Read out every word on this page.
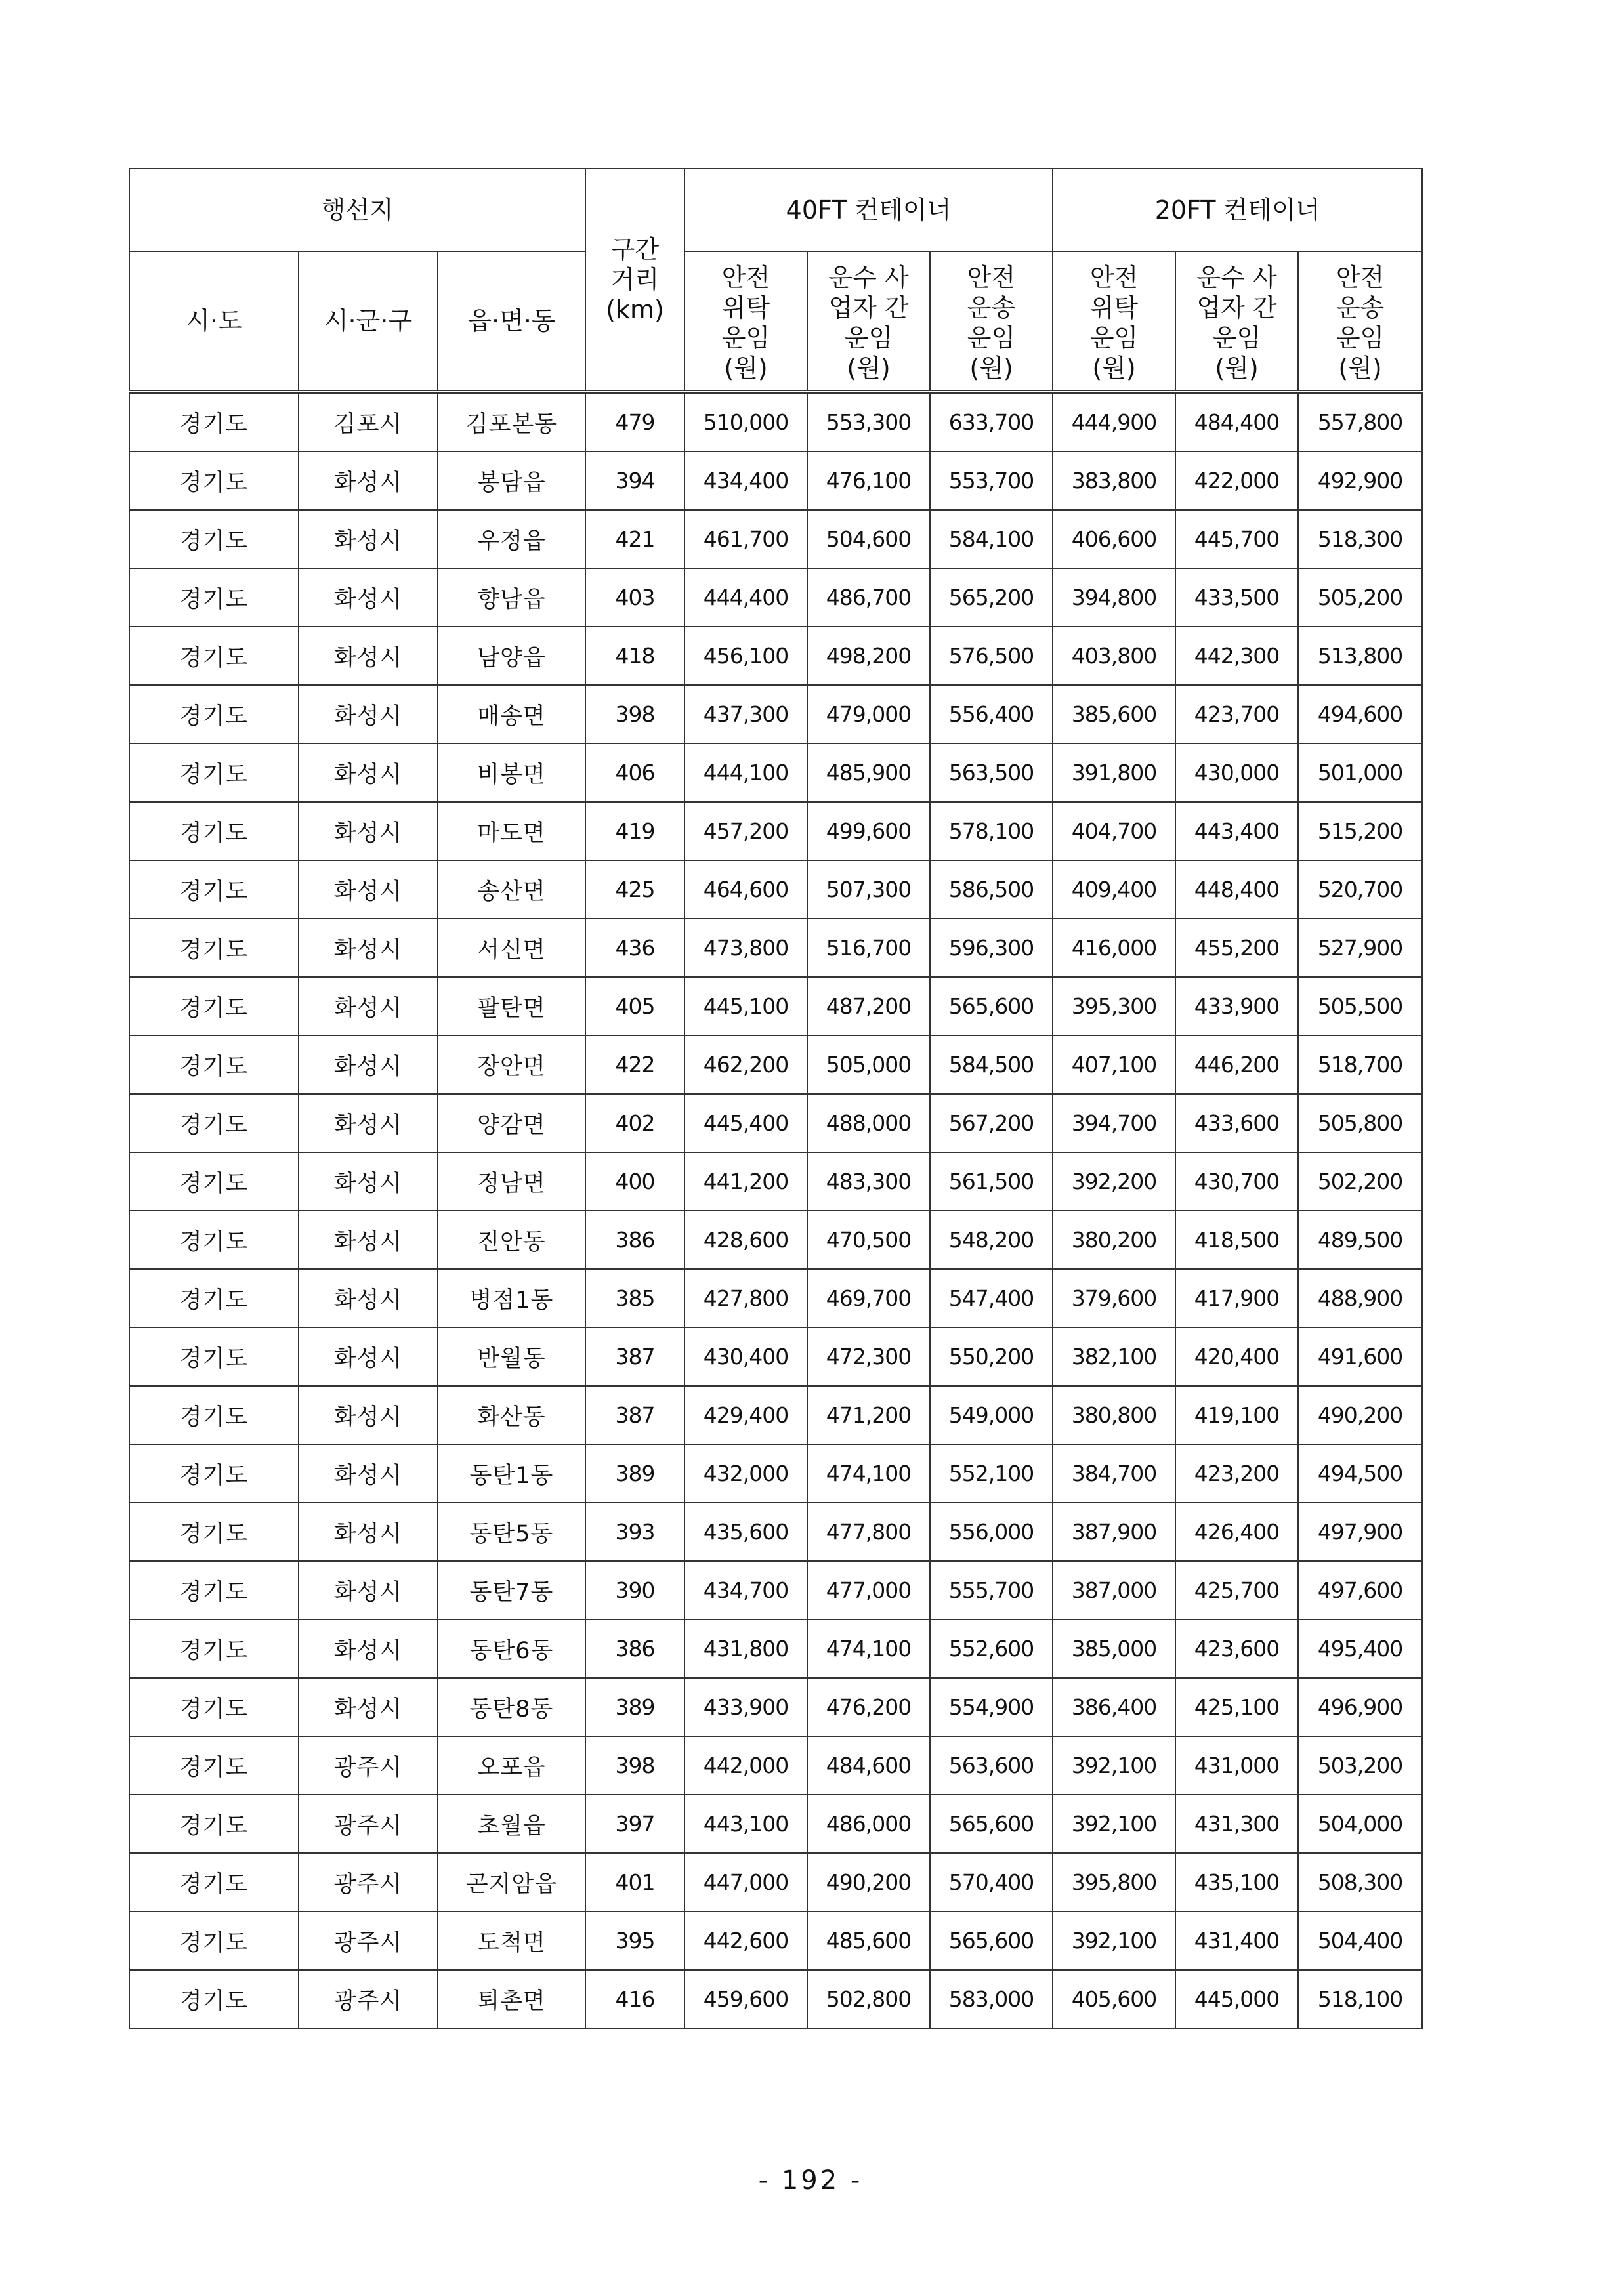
행선지			구간 거리 (km)	40FT 컨테이너			20FT 컨테이너		
시·도	시·군·구	읍·면·동		안전 위탁 운임 (원)	운수 사업자 간 운임 (원)	안전 운송 운임 (원)	안전 위탁 운임 (원)	운수 사업자 간 운임 (원)	안전 운송 운임 (원)

경기도	김포시	김포본동	479	510,000	553,300	633,700	444,900	484,400	557,800
경기도	화성시	봉담읍	394	434,400	476,100	553,700	383,800	422,000	492,900
경기도	화성시	우정읍	421	461,700	504,600	584,100	406,600	445,700	518,300
경기도	화성시	향남읍	403	444,400	486,700	565,200	394,800	433,500	505,200
경기도	화성시	남양읍	418	456,100	498,200	576,500	403,800	442,300	513,800
경기도	화성시	매송면	398	437,300	479,000	556,400	385,600	423,700	494,600
경기도	화성시	비봉면	406	444,100	485,900	563,500	391,800	430,000	501,000
경기도	화성시	마도면	419	457,200	499,600	578,100	404,700	443,400	515,200
경기도	화성시	송산면	425	464,600	507,300	586,500	409,400	448,400	520,700
경기도	화성시	서신면	436	473,800	516,700	596,300	416,000	455,200	527,900
경기도	화성시	팔탄면	405	445,100	487,200	565,600	395,300	433,900	505,500
경기도	화성시	장안면	422	462,200	505,000	584,500	407,100	446,200	518,700
경기도	화성시	양감면	402	445,400	488,000	567,200	394,700	433,600	505,800
경기도	화성시	정남면	400	441,200	483,300	561,500	392,200	430,700	502,200
경기도	화성시	진안동	386	428,600	470,500	548,200	380,200	418,500	489,500
경기도	화성시	병점1동	385	427,800	469,700	547,400	379,600	417,900	488,900
경기도	화성시	반월동	387	430,400	472,300	550,200	382,100	420,400	491,600
경기도	화성시	화산동	387	429,400	471,200	549,000	380,800	419,100	490,200
경기도	화성시	동탄1동	389	432,000	474,100	552,100	384,700	423,200	494,500
경기도	화성시	동탄5동	393	435,600	477,800	556,000	387,900	426,400	497,900
경기도	화성시	동탄7동	390	434,700	477,000	555,700	387,000	425,700	497,600
경기도	화성시	동탄6동	386	431,800	474,100	552,600	385,000	423,600	495,400
경기도	화성시	동탄8동	389	433,900	476,200	554,900	386,400	425,100	496,900
경기도	광주시	오포읍	398	442,000	484,600	563,600	392,100	431,000	503,200
경기도	광주시	초월읍	397	443,100	486,000	565,600	392,100	431,300	504,000
경기도	광주시	곤지암읍	401	447,000	490,200	570,400	395,800	435,100	508,300
경기도	광주시	도척면	395	442,600	485,600	565,600	392,100	431,400	504,400
경기도	광주시	퇴촌면	416	459,600	502,800	583,000	405,600	445,000	518,100
- 192 -
